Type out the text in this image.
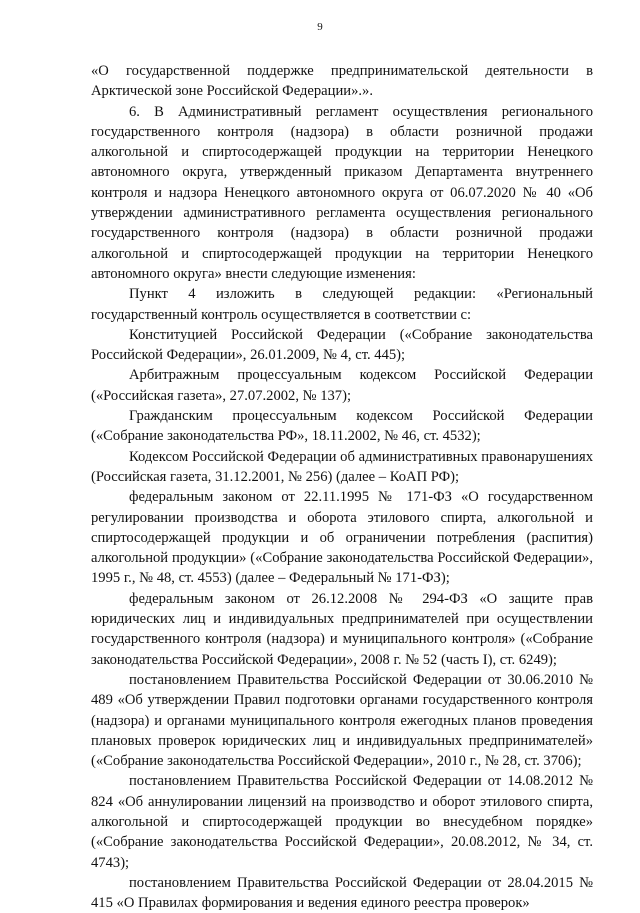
9

«О государственной поддержке предпринимательской деятельности в Арктической зоне Российской Федерации».».

6. В Административный регламент осуществления регионального государственного контроля (надзора) в области розничной продажи алкогольной и спиртосодержащей продукции на территории Ненецкого автономного округа, утвержденный приказом Департамента внутреннего контроля и надзора Ненецкого автономного округа от 06.07.2020 № 40 «Об утверждении административного регламента осуществления регионального государственного контроля (надзора) в области розничной продажи алкогольной и спиртосодержащей продукции на территории Ненецкого автономного округа» внести следующие изменения:

Пункт 4 изложить в следующей редакции: «Региональный государственный контроль осуществляется в соответствии с:

Конституцией Российской Федерации («Собрание законодательства Российской Федерации», 26.01.2009, № 4, ст. 445);

Арбитражным процессуальным кодексом Российской Федерации («Российская газета», 27.07.2002, № 137);

Гражданским процессуальным кодексом Российской Федерации («Собрание законодательства РФ», 18.11.2002, № 46, ст. 4532);

Кодексом Российской Федерации об административных правонарушениях (Российская газета, 31.12.2001, № 256) (далее – КоАП РФ);

федеральным законом от 22.11.1995 № 171-ФЗ «О государственном регулировании производства и оборота этилового спирта, алкогольной и спиртосодержащей продукции и об ограничении потребления (распития) алкогольной продукции» («Собрание законодательства Российской Федерации», 1995 г., № 48, ст. 4553) (далее – Федеральный № 171-ФЗ);

федеральным законом от 26.12.2008 № 294-ФЗ «О защите прав юридических лиц и индивидуальных предпринимателей при осуществлении государственного контроля (надзора) и муниципального контроля» («Собрание законодательства Российской Федерации», 2008 г. № 52 (часть I), ст. 6249);

постановлением Правительства Российской Федерации от 30.06.2010 № 489 «Об утверждении Правил подготовки органами государственного контроля (надзора) и органами муниципального контроля ежегодных планов проведения плановых проверок юридических лиц и индивидуальных предпринимателей» («Собрание законодательства Российской Федерации», 2010 г., № 28, ст. 3706);

постановлением Правительства Российской Федерации от 14.08.2012 № 824 «Об аннулировании лицензий на производство и оборот этилового спирта, алкогольной и спиртосодержащей продукции во внесудебном порядке» («Собрание законодательства Российской Федерации», 20.08.2012, № 34, ст. 4743);

постановлением Правительства Российской Федерации от 28.04.2015 № 415 «О Правилах формирования и ведения единого реестра проверок»
